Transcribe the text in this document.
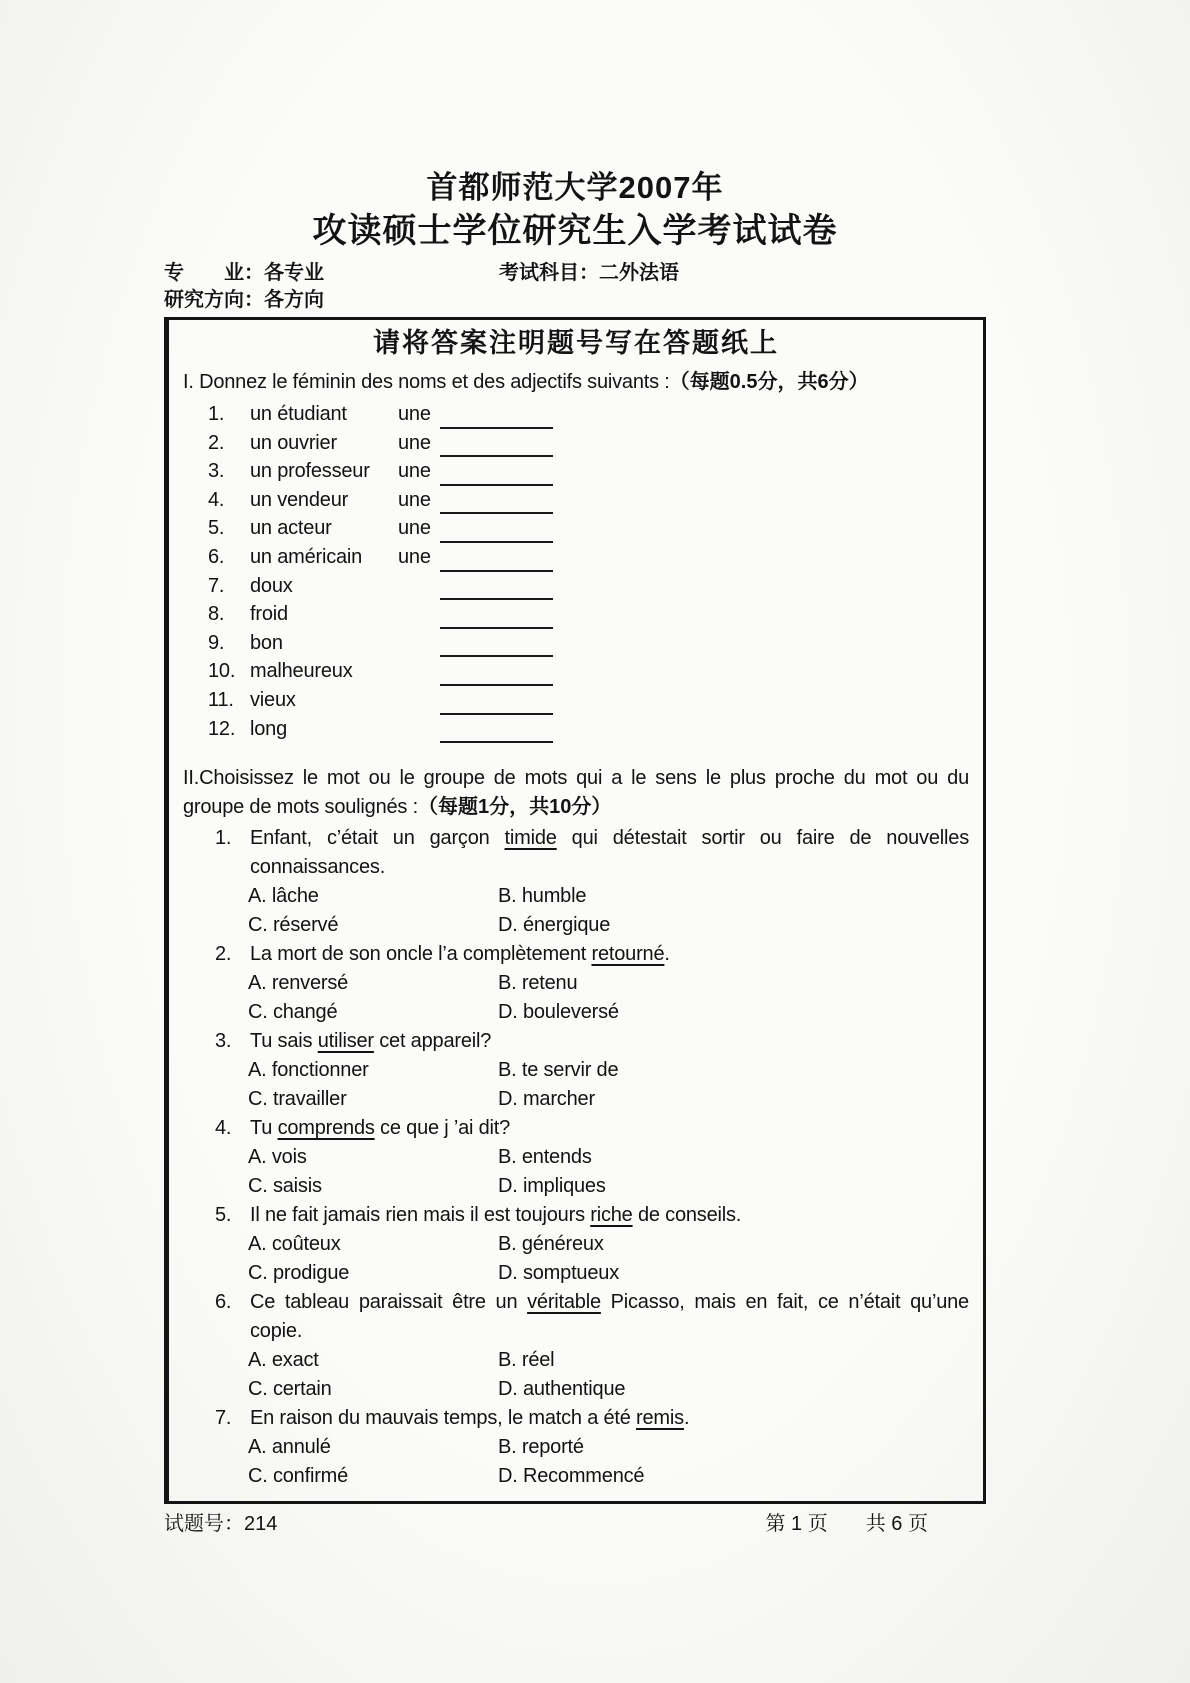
首都师范大学2007年
攻读硕士学位研究生入学考试试卷
专　　业：各专业	考试科目：二外法语
研究方向：各方向
请将答案注明题号写在答题纸上

I. Donnez le féminin des noms et des adjectifs suivants :（每题0.5分，共6分）

1.	un étudiant	une
2.	un ouvrier	une
3.	un professeur	une
4.	un vendeur	une
5.	un acteur	une
6.	un américain	une
7.	doux
8.	froid
9.	bon
10. malheureux
11. vieux
12. long

II.Choisissez le mot ou le groupe de mots qui a le sens le plus proche du mot ou du groupe de mots soulignés :（每题1分，共10分）

1. Enfant, c’était un garçon timide qui détestait sortir ou faire de nouvelles connaissances.
A. lâche	B. humble
C. réservé	D. énergique
2. La mort de son oncle l’a complètement retourné.
A. renversé	B. retenu
C. changé	D. bouleversé
3. Tu sais utiliser cet appareil?
A. fonctionner	B. te servir de
C. travailler	D. marcher
4. Tu comprends ce que j ’ai dit?
A. vois	B. entends
C. saisis	D. impliques
5. Il ne fait jamais rien mais il est toujours riche de conseils.
A. coûteux	B. généreux
C. prodigue	D. somptueux
6. Ce tableau paraissait être un véritable Picasso, mais en fait, ce n’était qu’une copie.
A. exact	B. réel
C. certain	D. authentique
7. En raison du mauvais temps, le match a été remis.
A. annulé	B. reporté
C. confirmé	D. Recommencé
试题号：214	第 1 页 共 6 页
